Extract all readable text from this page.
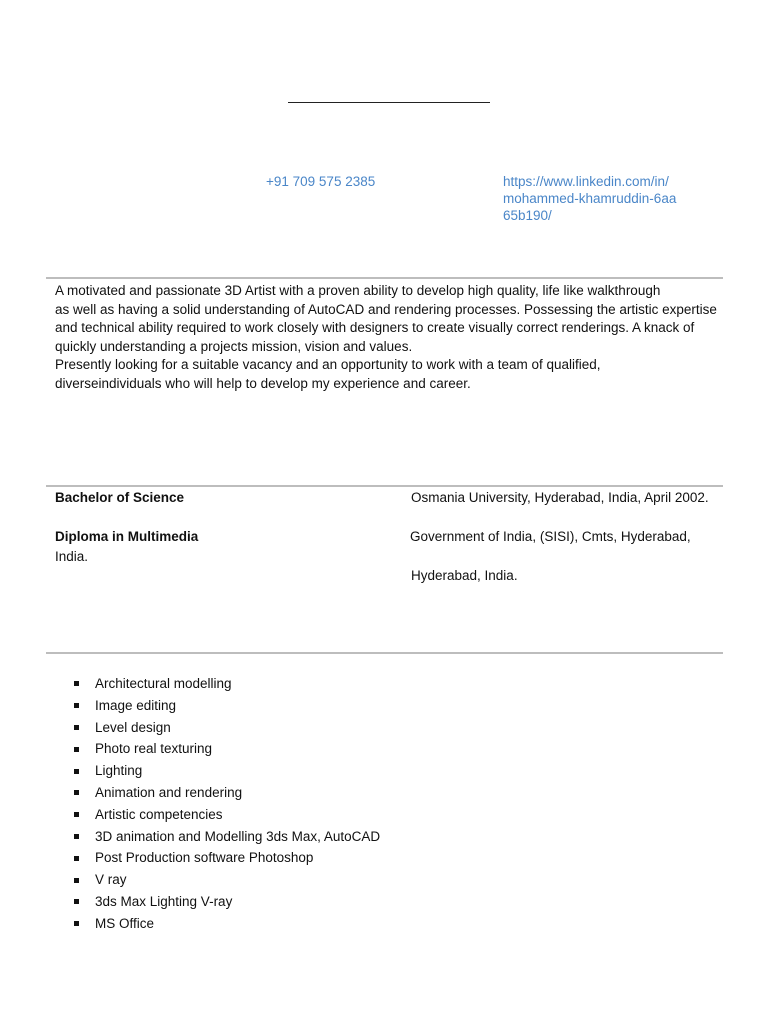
+91 709 575 2385	https://www.linkedin.com/in/mohammed-khamruddin-6aa65b190/
A motivated and passionate 3D Artist with a proven ability to develop high quality, life like walkthrough
as well as having a solid understanding of AutoCAD and rendering processes. Possessing the artistic expertise
and technical ability required to work closely with designers to create visually correct renderings. A knack of
quickly understanding a projects mission, vision and values.
Presently looking for a suitable vacancy and an opportunity to work with a team of qualified,
diverseindividuals who will help to develop my experience and career.
Bachelor of Science	Osmania University, Hyderabad, India, April 2002.
Diploma in Multimedia
India.
Government of India, (SISI), Cmts, Hyderabad,
Hyderabad, India.
Architectural modelling
Image editing
Level design
Photo real texturing
Lighting
Animation and rendering
Artistic competencies
3D animation and Modelling 3ds Max, AutoCAD
Post Production software Photoshop
V ray
3ds Max Lighting V-ray
MS Office
